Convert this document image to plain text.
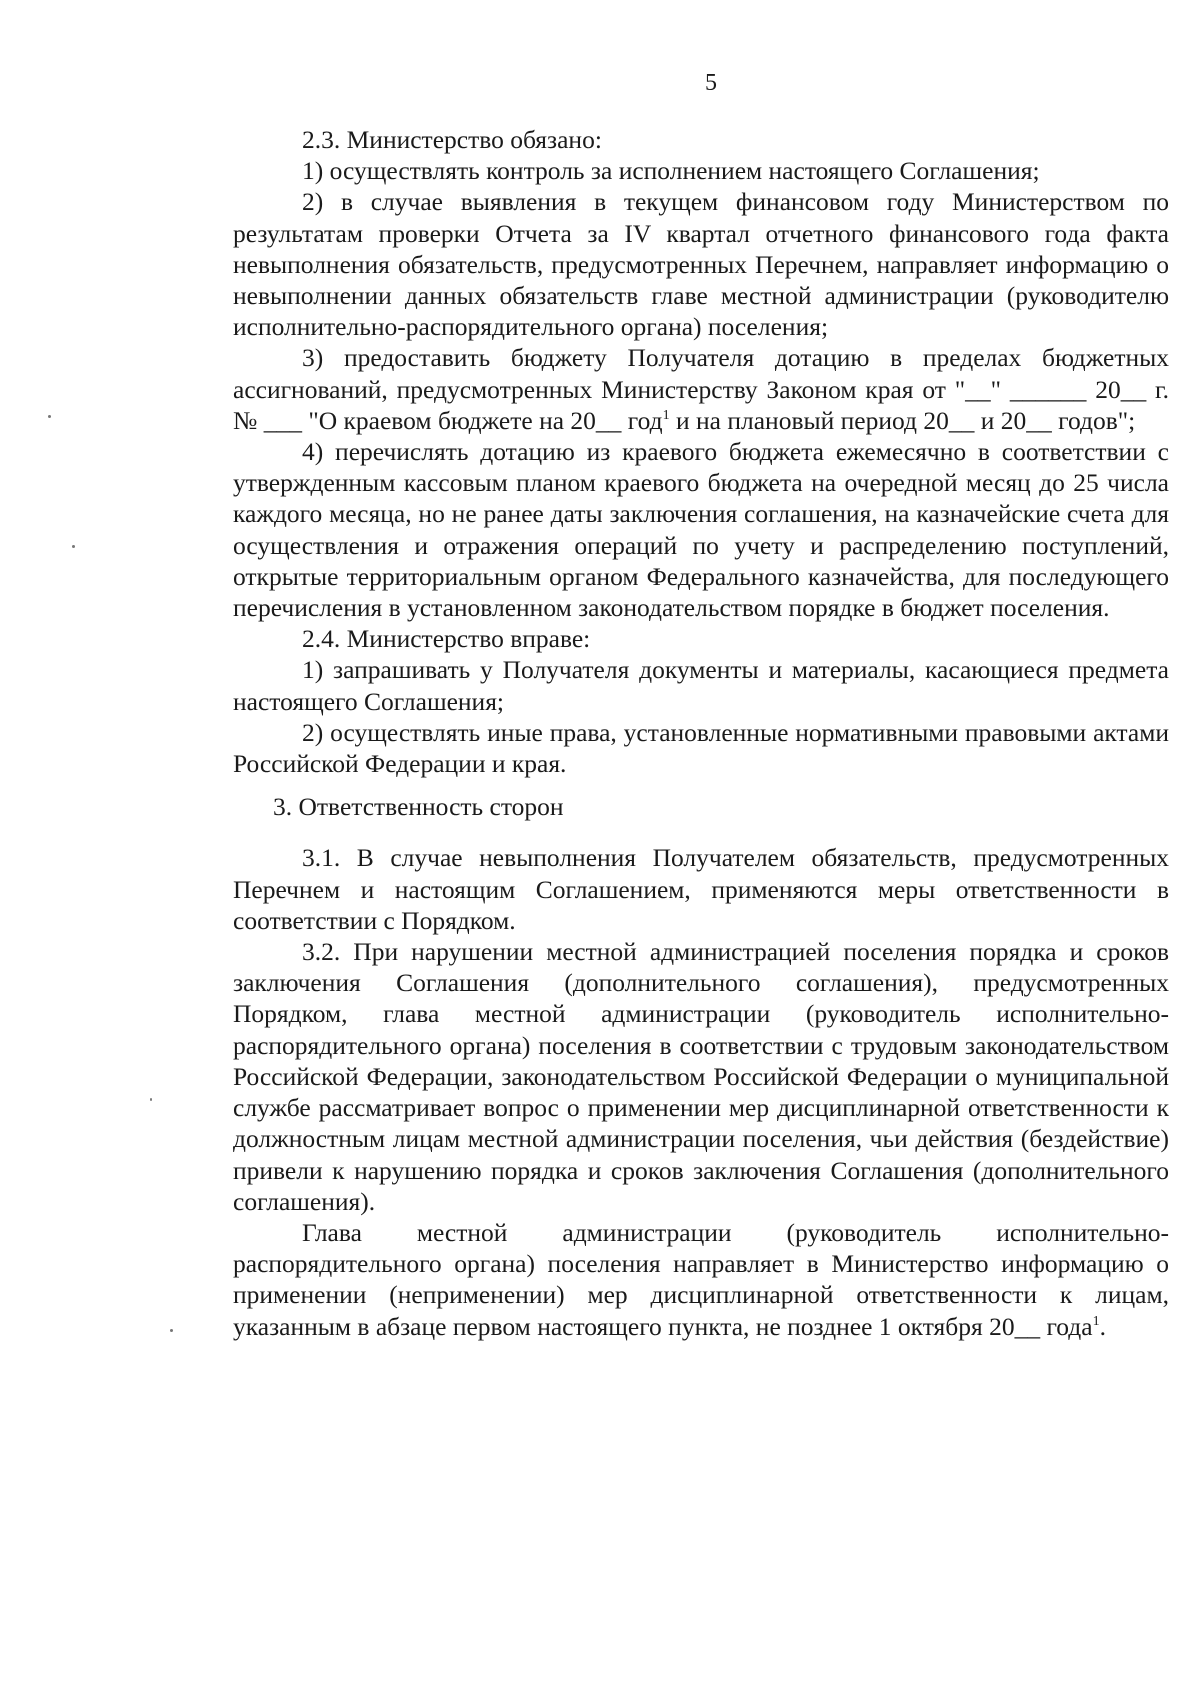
5

2.3. Министерство обязано:

1) осуществлять контроль за исполнением настоящего Соглашения;

2) в случае выявления в текущем финансовом году Министерством по результатам проверки Отчета за IV квартал отчетного финансового года факта невыполнения обязательств, предусмотренных Перечнем, направляет информацию о невыполнении данных обязательств главе местной администрации (руководителю исполнительно-распорядительного органа) поселения;

3) предоставить бюджету Получателя дотацию в пределах бюджетных ассигнований, предусмотренных Министерству Законом края от "__" ______ 20__ г. № ___ "О краевом бюджете на 20__ год$^1$ и на плановый период 20__ и 20__ годов";

4) перечислять дотацию из краевого бюджета ежемесячно в соответствии с утвержденным кассовым планом краевого бюджета на очередной месяц до 25 числа каждого месяца, но не ранее даты заключения соглашения, на казначейские счета для осуществления и отражения операций по учету и распределению поступлений, открытые территориальным органом Федерального казначейства, для последующего перечисления в установленном законодательством порядке в бюджет поселения.

2.4. Министерство вправе:

1) запрашивать у Получателя документы и материалы, касающиеся предмета настоящего Соглашения;

2) осуществлять иные права, установленные нормативными правовыми актами Российской Федерации и края.

3. Ответственность сторон

3.1. В случае невыполнения Получателем обязательств, предусмотренных Перечнем и настоящим Соглашением, применяются меры ответственности в соответствии с Порядком.

3.2. При нарушении местной администрацией поселения порядка и сроков заключения Соглашения (дополнительного соглашения), предусмотренных Порядком, глава местной администрации (руководитель исполнительно-распорядительного органа) поселения в соответствии с трудовым законодательством Российской Федерации, законодательством Российской Федерации о муниципальной службе рассматривает вопрос о применении мер дисциплинарной ответственности к должностным лицам местной администрации поселения, чьи действия (бездействие) привели к нарушению порядка и сроков заключения Соглашения (дополнительного соглашения).

Глава местной администрации (руководитель исполнительно-распорядительного органа) поселения направляет в Министерство информацию о применении (неприменении) мер дисциплинарной ответственности к лицам, указанным в абзаце первом настоящего пункта, не позднее 1 октября 20__ года$^1$.
